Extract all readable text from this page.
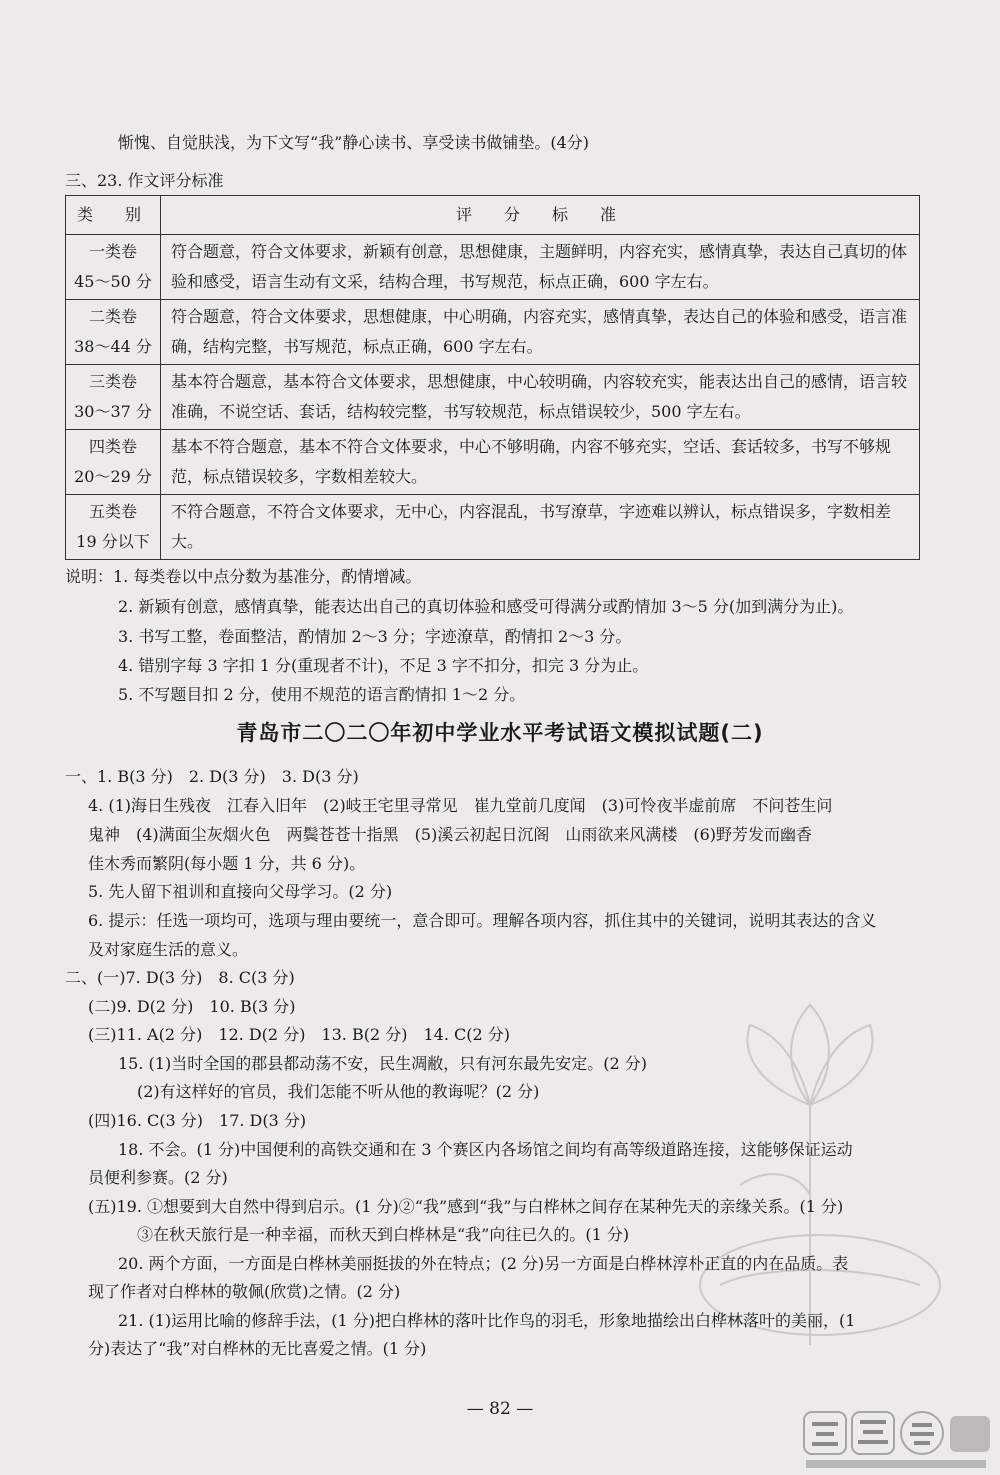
惭愧、自觉肤浅，为下文写“我”静心读书、享受读书做铺垫。(4分)
三、23. 作文评分标准
类　别	评　分　标　准
一类卷
45～50 分	符合题意，符合文体要求，新颖有创意，思想健康，主题鲜明，内容充实，感情真挚，表达自己真切的体验和感受，语言生动有文采，结构合理，书写规范，标点正确，600 字左右。
二类卷
38～44 分	符合题意，符合文体要求，思想健康，中心明确，内容充实，感情真挚，表达自己的体验和感受，语言准确，结构完整，书写规范，标点正确，600 字左右。
三类卷
30～37 分	基本符合题意，基本符合文体要求，思想健康，中心较明确，内容较充实，能表达出自己的感情，语言较准确，不说空话、套话，结构较完整，书写较规范，标点错误较少，500 字左右。
四类卷
20～29 分	基本不符合题意，基本不符合文体要求，中心不够明确，内容不够充实，空话、套话较多，书写不够规范，标点错误较多，字数相差较大。
五类卷
19 分以下	不符合题意，不符合文体要求，无中心，内容混乱，书写潦草，字迹难以辨认，标点错误多，字数相差大。
说明：1. 每类卷以中点分数为基准分，酌情增减。
2. 新颖有创意，感情真挚，能表达出自己的真切体验和感受可得满分或酌情加 3～5 分(加到满分为止)。
3. 书写工整，卷面整洁，酌情加 2～3 分；字迹潦草，酌情扣 2～3 分。
4. 错别字每 3 字扣 1 分(重现者不计)，不足 3 字不扣分，扣完 3 分为止。
5. 不写题目扣 2 分，使用不规范的语言酌情扣 1～2 分。
青岛市二〇二〇年初中学业水平考试语文模拟试题(二)
一、1. B(3 分)　2. D(3 分)　3. D(3 分)
4. (1)海日生残夜　江春入旧年　(2)岐王宅里寻常见　崔九堂前几度闻　(3)可怜夜半虚前席　不问苍生问
鬼神　(4)满面尘灰烟火色　两鬓苍苍十指黑　(5)溪云初起日沉阁　山雨欲来风满楼　(6)野芳发而幽香
佳木秀而繁阴(每小题 1 分，共 6 分)。
5. 先人留下祖训和直接向父母学习。(2 分)
6. 提示：任选一项均可，选项与理由要统一，意合即可。理解各项内容，抓住其中的关键词，说明其表达的含义
及对家庭生活的意义。
二、(一)7. D(3 分)　8. C(3 分)
(二)9. D(2 分)　10. B(3 分)
(三)11. A(2 分)　12. D(2 分)　13. B(2 分)　14. C(2 分)
15. (1)当时全国的郡县都动荡不安，民生凋敝，只有河东最先安定。(2 分)
(2)有这样好的官员，我们怎能不听从他的教诲呢？(2 分)
(四)16. C(3 分)　17. D(3 分)
18. 不会。(1 分)中国便利的高铁交通和在 3 个赛区内各场馆之间均有高等级道路连接，这能够保证运动
员便利参赛。(2 分)
(五)19. ①想要到大自然中得到启示。(1 分)②“我”感到“我”与白桦林之间存在某种先天的亲缘关系。(1 分)
③在秋天旅行是一种幸福，而秋天到白桦林是“我”向往已久的。(1 分)
20. 两个方面，一方面是白桦林美丽挺拔的外在特点；(2 分)另一方面是白桦林淳朴正直的内在品质。表
现了作者对白桦林的敬佩(欣赏)之情。(2 分)
21. (1)运用比喻的修辞手法，(1 分)把白桦林的落叶比作鸟的羽毛，形象地描绘出白桦林落叶的美丽，(1
分)表达了“我”对白桦林的无比喜爱之情。(1 分)
— 82 —
